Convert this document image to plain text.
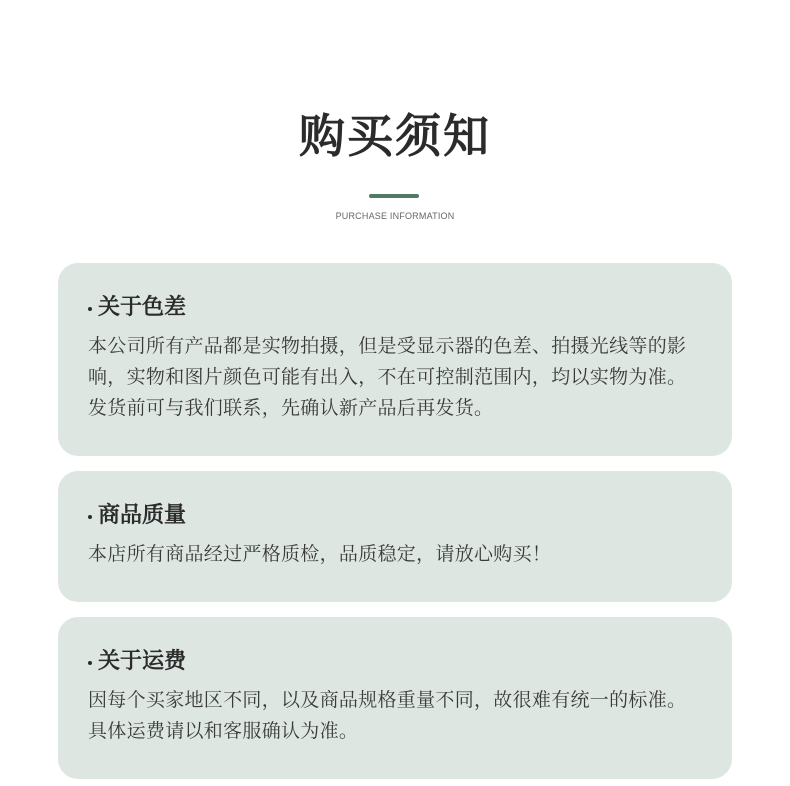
购买须知
PURCHASE INFORMATION
关于色差
本公司所有产品都是实物拍摄，但是受显示器的色差、拍摄光线等的影响，实物和图片颜色可能有出入，不在可控制范围内，均以实物为准。发货前可与我们联系，先确认新产品后再发货。
商品质量
本店所有商品经过严格质检，品质稳定，请放心购买！
关于运费
因每个买家地区不同，以及商品规格重量不同，故很难有统一的标准。具体运费请以和客服确认为准。
